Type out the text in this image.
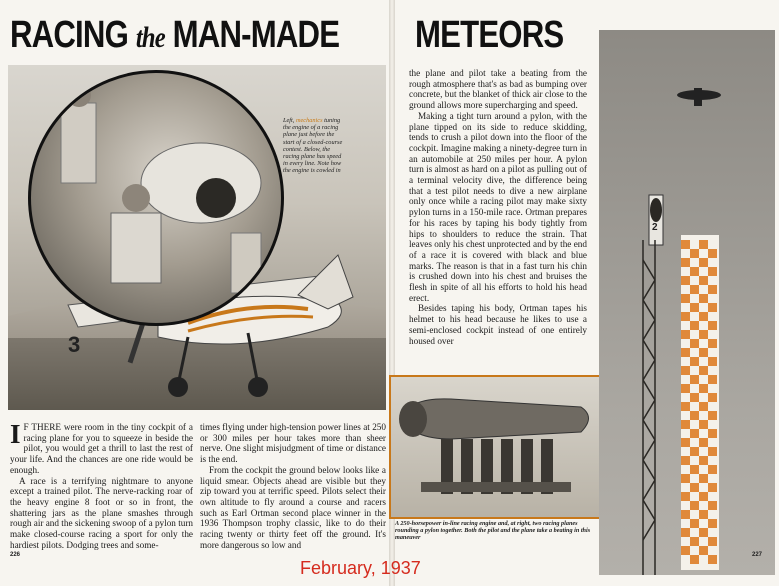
RACING the MAN-MADE METEORS
3
Left, mechanics tuning the engine of a racing plane just before the start of a closed-course contest. Below, the racing plane has speed in every line. Note how the engine is cowled in

I F THERE were room in the tiny cockpit of a racing plane for you to squeeze in beside the pilot, you would get a thrill to last the rest of your life. And the chances are one ride would be enough.

A race is a terrifying nightmare to anyone except a trained pilot. The nerve-racking roar of the heavy engine 8 foot or so in front, the shattering jars as the plane smashes through rough air and the sickening swoop of a pylon turn make closed-course racing a sport for only the hardiest pilots. Dodging trees and some-

times flying under high-tension power lines at 250 or 300 miles per hour takes more than sheer nerve. One slight misjudgment of time or distance is the end.

From the cockpit the ground below looks like a liquid smear. Objects ahead are visible but they zip toward you at terrific speed. Pilots select their own altitude to fly around a course and racers such as Earl Ortman second place winner in the 1936 Thompson trophy classic, like to do their racing twenty or thirty feet off the ground. It's more dangerous so low and

the plane and pilot take a beating from the rough atmosphere that's as bad as bumping over concrete, but the blanket of thick air close to the ground allows more supercharging and speed.

Making a tight turn around a pylon, with the plane tipped on its side to reduce skidding, tends to crush a pilot down into the floor of the cockpit. Imagine making a ninety-degree turn in an automobile at 250 miles per hour. A pylon turn is almost as hard on a pilot as pulling out of a terminal velocity dive, the difference being that a test pilot needs to dive a new airplane only once while a racing pilot may make sixty pylon turns in a 150-mile race. Ortman prepares for his races by taping his body tightly from hips to shoulders to reduce the strain. That leaves only his chest unprotected and by the end of a race it is covered with black and blue marks. The reason is that in a fast turn his chin is crushed down into his chest and bruises the flesh in spite of all his efforts to hold his head erect.

Besides taping his body, Ortman tapes his helmet to his head because he likes to use a semi-enclosed cockpit instead of one entirely housed over

A 250-horsepower in-line racing engine and, at right, two racing planes rounding a pylon together. Both the pilot and the plane take a beating in this maneuver
2
226	227
February, 1937
